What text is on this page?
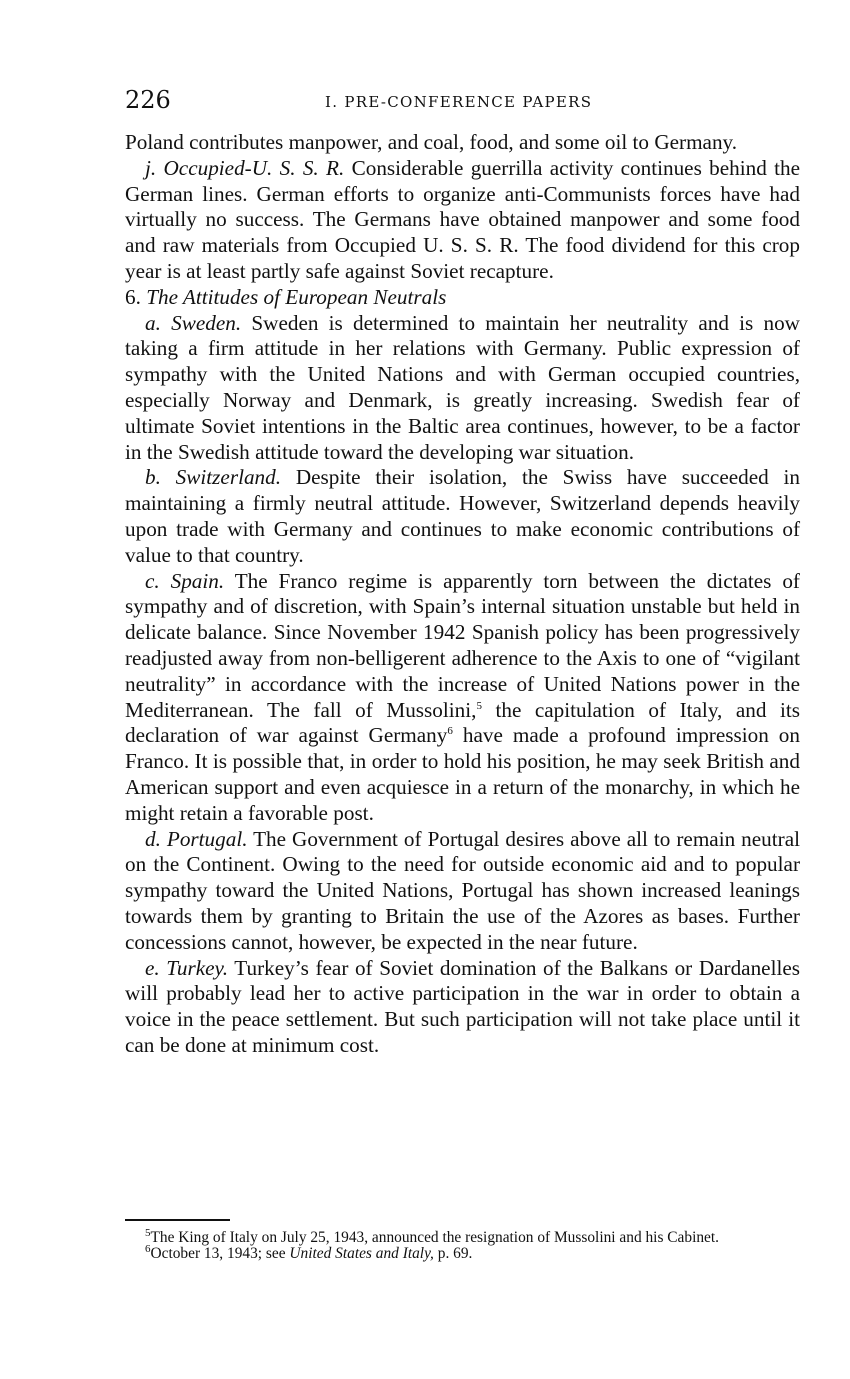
226	I. PRE-CONFERENCE PAPERS

Poland contributes manpower, and coal, food, and some oil to Germany.

j. Occupied-U. S. S. R. Considerable guerrilla activity continues behind the German lines. German efforts to organize anti-Communists forces have had virtually no success. The Germans have obtained manpower and some food and raw materials from Occupied U. S. S. R. The food dividend for this crop year is at least partly safe against Soviet recapture.

6. The Attitudes of European Neutrals

a. Sweden. Sweden is determined to maintain her neutrality and is now taking a firm attitude in her relations with Germany. Public expression of sympathy with the United Nations and with German occupied countries, especially Norway and Denmark, is greatly increasing. Swedish fear of ultimate Soviet intentions in the Baltic area continues, however, to be a factor in the Swedish attitude toward the developing war situation.

b. Switzerland. Despite their isolation, the Swiss have succeeded in maintaining a firmly neutral attitude. However, Switzerland depends heavily upon trade with Germany and continues to make economic contributions of value to that country.

c. Spain. The Franco regime is apparently torn between the dictates of sympathy and of discretion, with Spain’s internal situation unstable but held in delicate balance. Since November 1942 Spanish policy has been progressively readjusted away from non-belligerent adherence to the Axis to one of “vigilant neutrality” in accordance with the increase of United Nations power in the Mediterranean. The fall of Mussolini,$^5$ the capitulation of Italy, and its declaration of war against Germany$^6$ have made a profound impression on Franco. It is possible that, in order to hold his position, he may seek British and American support and even acquiesce in a return of the monarchy, in which he might retain a favorable post.

d. Portugal. The Government of Portugal desires above all to remain neutral on the Continent. Owing to the need for outside economic aid and to popular sympathy toward the United Nations, Portugal has shown increased leanings towards them by granting to Britain the use of the Azores as bases. Further concessions cannot, however, be expected in the near future.

e. Turkey. Turkey’s fear of Soviet domination of the Balkans or Dardanelles will probably lead her to active participation in the war in order to obtain a voice in the peace settlement. But such participation will not take place until it can be done at minimum cost.

$^5$The King of Italy on July 25, 1943, announced the resignation of Mussolini and his Cabinet.

$^6$October 13, 1943; see United States and Italy, p. 69.
